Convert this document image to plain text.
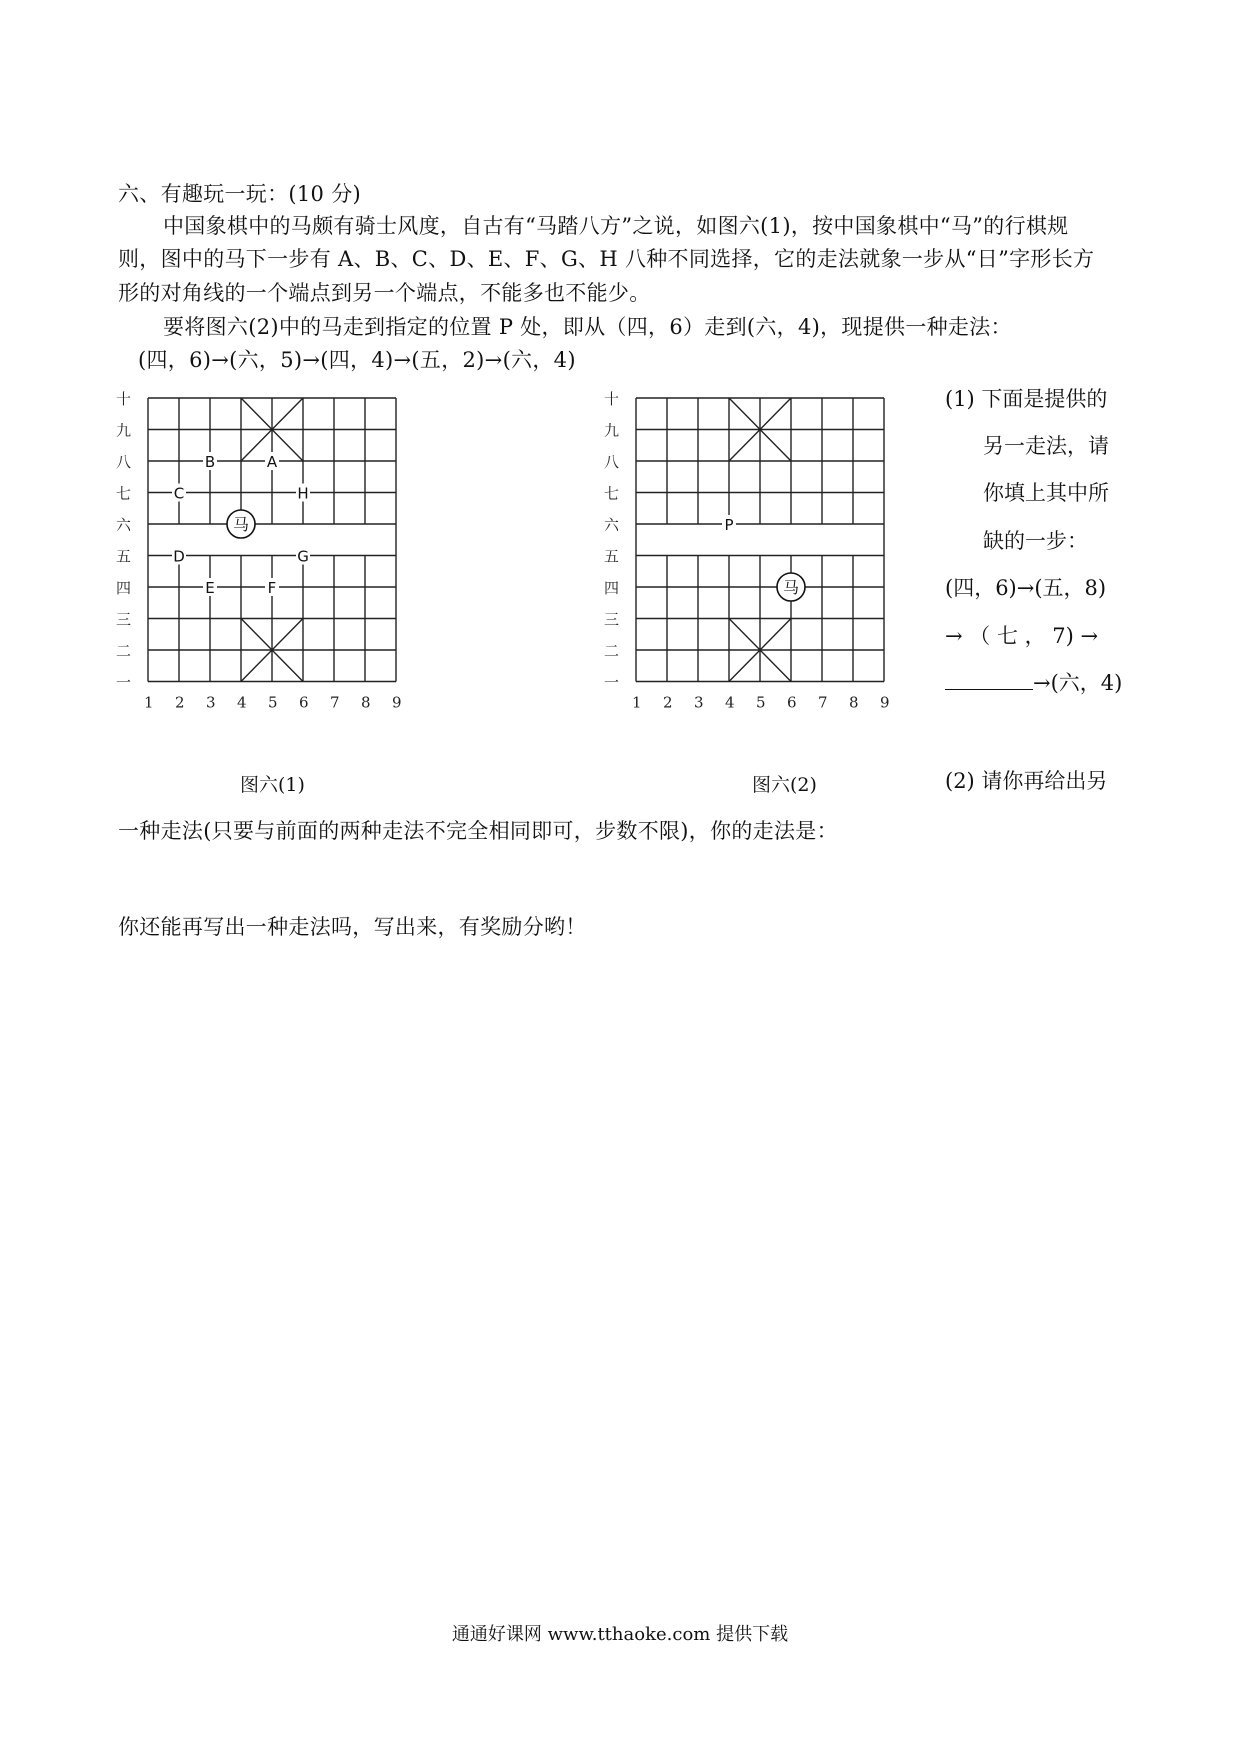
六、有趣玩一玩：(10 分)
中国象棋中的马颇有骑士风度，自古有“马踏八方”之说，如图六(1)，按中国象棋中“马”的行棋规
则，图中的马下一步有 A、B、C、D、E、F、G、H 八种不同选择，它的走法就象一步从“日”字形长方
形的对角线的一个端点到另一个端点，不能多也不能少。
要将图六(2)中的马走到指定的位置 P 处，即从（四，6）走到(六，4)，现提供一种走法：
(四，6)→(六，5)→(四，4)→(五，2)→(六，4)
十
九
八
七
六
五
四
三
二
一
1 2 3 4 5 6 7 8 9
A
B
C	H
D	G
E	F
马
图六(1)
十
九
八
七
六
五
四
三
二
一
1 2 3 4 5 6 7 8 9
P
马
图六(2)
(1) 下面是提供的
另一走法，请
你填上其中所
缺的一步：
(四，6)→(五，8)
→ （ 七 ， 7) →
→(六，4)
(2) 请你再给出另
一种走法(只要与前面的两种走法不完全相同即可，步数不限)，你的走法是：
你还能再写出一种走法吗，写出来，有奖励分哟！
通通好课网 www.tthaoke.com 提供下载
